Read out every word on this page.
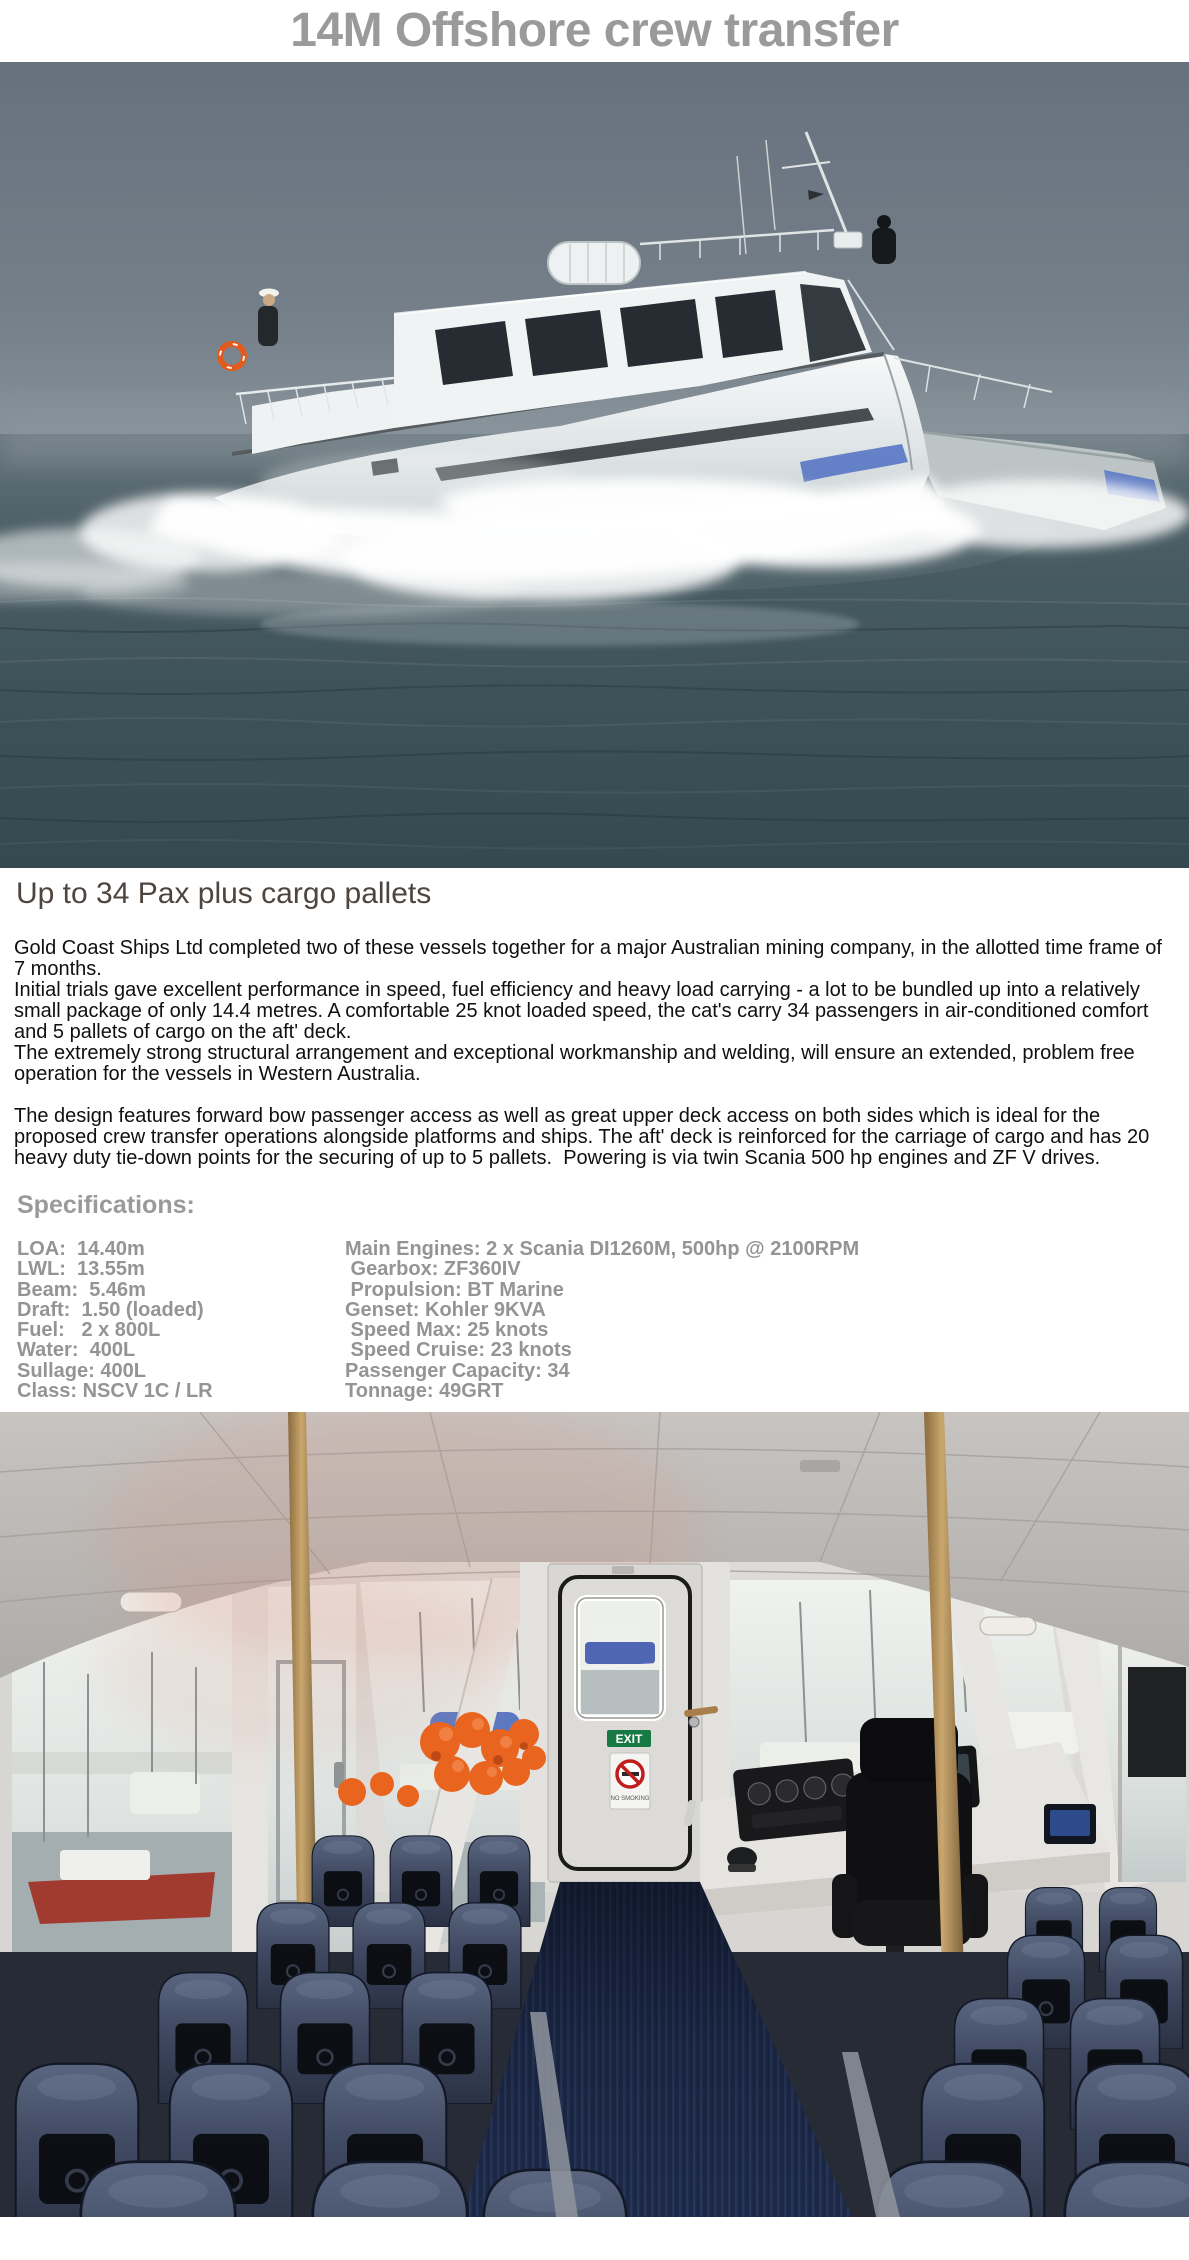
14M Offshore crew transfer
Up to 34 Pax plus cargo pallets

Gold Coast Ships Ltd completed two of these vessels together for a major Australian mining company, in the allotted time frame of 7 months.

Initial trials gave excellent performance in speed, fuel efficiency and heavy load carrying - a lot to be bundled up into a relatively small package of only 14.4 metres. A comfortable 25 knot loaded speed, the cat's carry 34 passengers in air-conditioned comfort and 5 pallets of cargo on the aft' deck.

The extremely strong structural arrangement and exceptional workmanship and welding, will ensure an extended, problem free operation for the vessels in Western Australia.

The design features forward bow passenger access as well as great upper deck access on both sides which is ideal for the proposed crew transfer operations alongside platforms and ships. The aft' deck is reinforced for the carriage of cargo and has 20 heavy duty tie-down points for the securing of up to 5 pallets.  Powering is via twin Scania 500 hp engines and ZF V drives.

Specifications:
LOA:  14.40m	Main Engines: 2 x Scania DI1260M, 500hp @ 2100RPM
LWL:  13.55m	Gearbox: ZF360IV
Beam:  5.46m	Propulsion: BT Marine
Draft:  1.50 (loaded)	Genset: Kohler 9KVA
Fuel:   2 x 800L	Speed Max: 25 knots
Water:  400L	Speed Cruise: 23 knots
Sullage: 400L	Passenger Capacity: 34
Class: NSCV 1C / LR	Tonnage: 49GRT
EXIT
NO SMOKING
